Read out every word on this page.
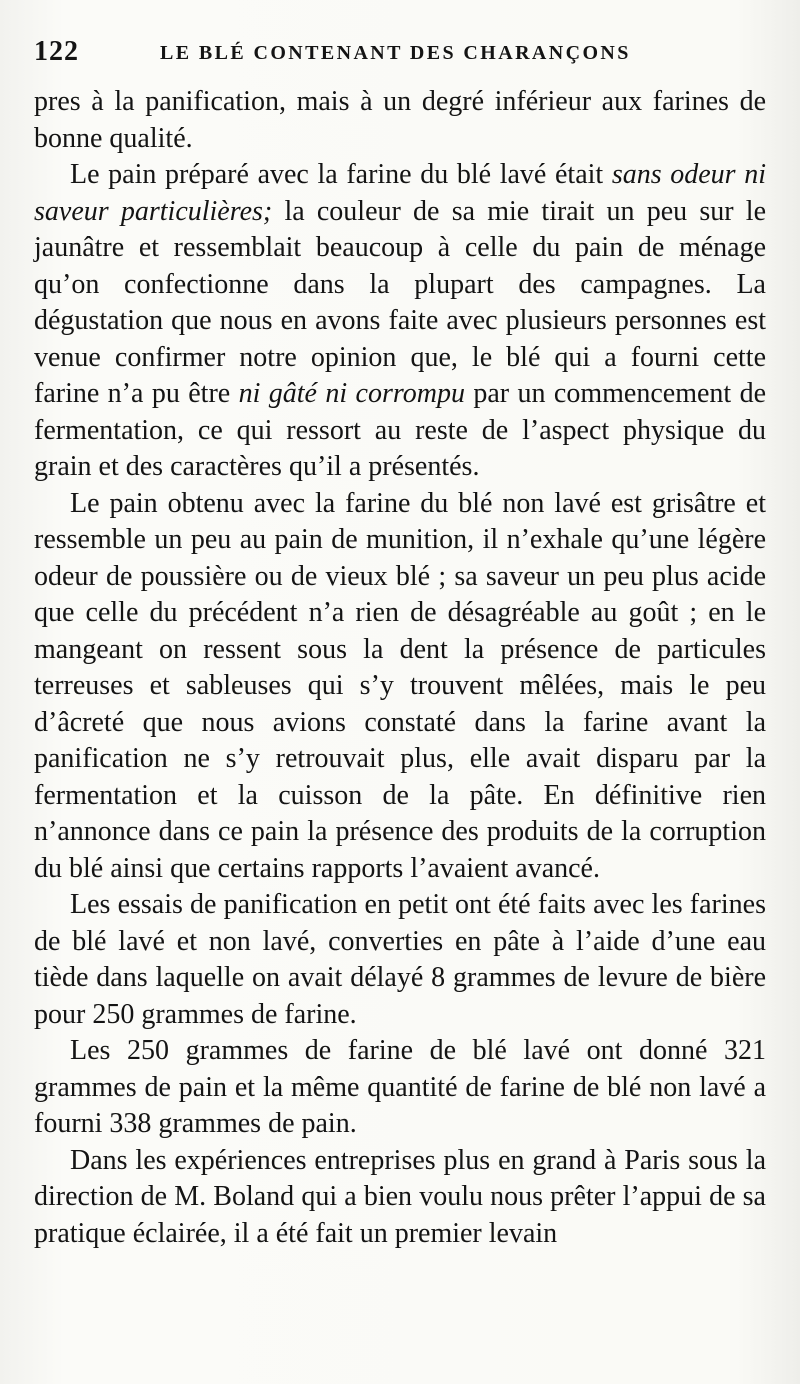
122	LE BLÉ CONTENANT DES CHARANÇONS

pres à la panification, mais à un degré inférieur aux farines de bonne qualité.

Le pain préparé avec la farine du blé lavé était sans odeur ni saveur particulières; la couleur de sa mie tirait un peu sur le jaunâtre et ressemblait beaucoup à celle du pain de ménage qu’on confectionne dans la plupart des campagnes. La dégustation que nous en avons faite avec plusieurs personnes est venue confirmer notre opinion que, le blé qui a fourni cette farine n’a pu être ni gâté ni corrompu par un commencement de fermentation, ce qui ressort au reste de l’aspect physique du grain et des caractères qu’il a présentés.

Le pain obtenu avec la farine du blé non lavé est grisâtre et ressemble un peu au pain de munition, il n’exhale qu’une légère odeur de poussière ou de vieux blé ; sa saveur un peu plus acide que celle du précédent n’a rien de désagréable au goût ; en le mangeant on ressent sous la dent la présence de particules terreuses et sableuses qui s’y trouvent mêlées, mais le peu d’âcreté que nous avions constaté dans la farine avant la panification ne s’y retrouvait plus, elle avait disparu par la fermentation et la cuisson de la pâte. En définitive rien n’annonce dans ce pain la présence des produits de la corruption du blé ainsi que certains rapports l’avaient avancé.

Les essais de panification en petit ont été faits avec les farines de blé lavé et non lavé, converties en pâte à l’aide d’une eau tiède dans laquelle on avait délayé 8 grammes de levure de bière pour 250 grammes de farine.

Les 250 grammes de farine de blé lavé ont donné 321 grammes de pain et la même quantité de farine de blé non lavé a fourni 338 grammes de pain.

Dans les expériences entreprises plus en grand à Paris sous la direction de M. Boland qui a bien voulu nous prêter l’appui de sa pratique éclairée, il a été fait un premier levain
